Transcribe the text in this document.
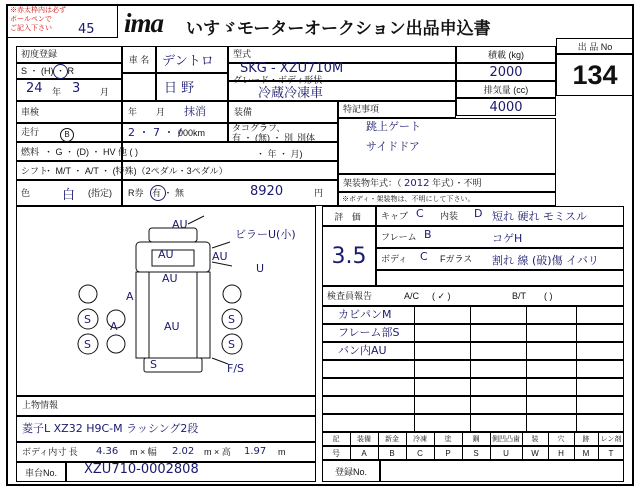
※赤太枠内は必ず
ボールペンで
ご記入下さい 45 ima いすゞモーターオークション出品申込書
出 品 No
134
初度登録
S ・ (H) ・ R
24 年 3 月
車 名 デントロ
日 野
型式
SKG - XZU710M
グレード・ボディ形状
冷蔵冷凍車
積載 (kg)
2000
排気量 (cc)
4000
車検	年 月 抹消	装備	特記事項
跳上ゲート
サイドドア
架装物年式：（ 2012 年式）・不明
※ボディ・架装物は、不明にして下さい。
走行	B	2 ・ 7 ・ /
000km	タコグラフ、
有 ・ (無) ・ 別 別体
燃料 ・ G ・ (D) ・ HV 他 ( )	・ 年 ・ 月)
シフト
・ M/T ・ A/T ・ (特殊)（2ペダル・3ペダル）
色 白 (指定) R券 有 ・ 無	8920	円
AU
ビラーU(小)
AU	AU
U
A
AU
AU
A
F/S
S
S
S
S
S
上物情報
菱子L XZ32 H9C-M ラッシング2段
ボディ内寸 長 4.36 m × 幅 2.02 m × 高 1.97 m
評 価
3.5
キャブ C 内装 D 短れ 硬れ モミスル
フレーム B	コゲH
ボディ C Fガラス 割れ 線 (破)傷 イバリ
検査員報告	A/C ( ✓ )	B/T ( )
カビパンM
フレーム部S
バン内AU
記	装備	新金	冷凍	塗	鋼	側凹凸歯	装	穴	跡	レン剤
号	A	B	C	P	S	U	W	H	M	T
車台No.	XZU710-0002808	登録No.
